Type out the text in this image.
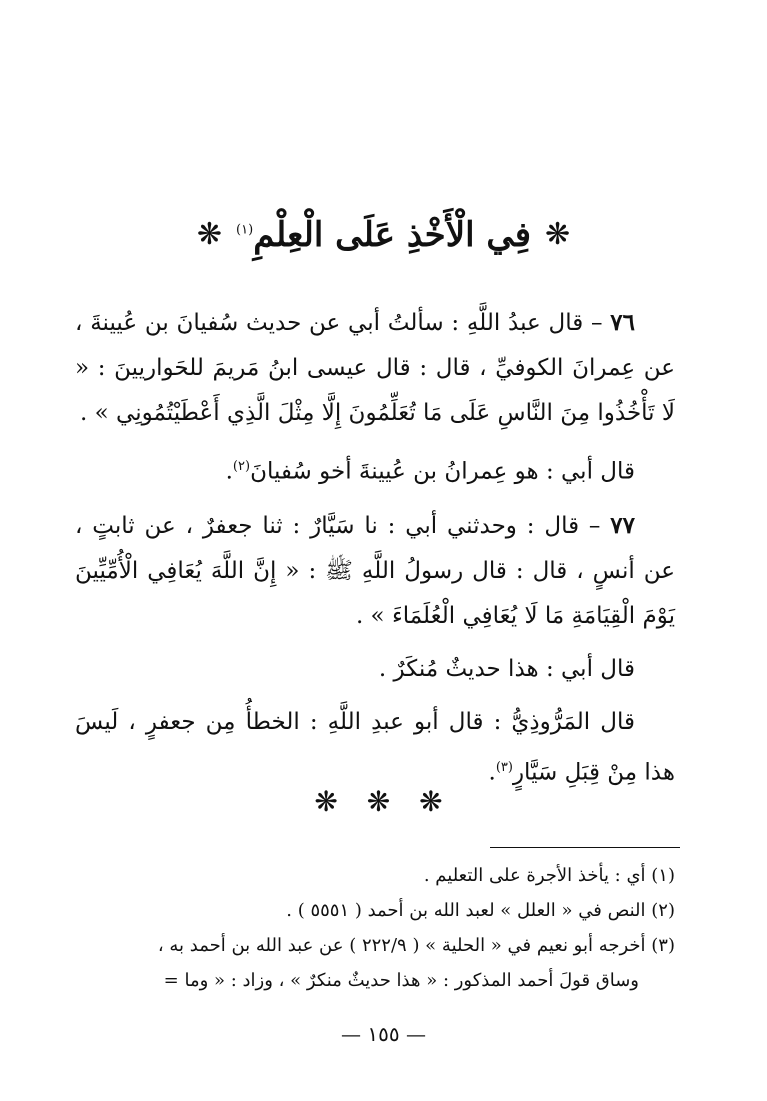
❋
فِي الْأَخْذِ عَلَى الْعِلْمِ$^{(١)}$
❋

٧٦ – قال عبدُ اللَّهِ : سألتُ أبي عن حديث سُفيانَ بن عُيينةَ ، عن عِمرانَ الكوفيِّ ، قال : قال عيسى ابنُ مَريمَ للحَواريينَ : « لَا تَأْخُذُوا مِنَ النَّاسِ عَلَى مَا تُعَلِّمُونَ إِلَّا مِثْلَ الَّذِي أَعْطَيْتُمُونِي » .

قال أبي : هو عِمرانُ بن عُيينةَ أخو سُفيانَ$^{(٢)}$.

٧٧ – قال : وحدثني أبي : نا سَيَّارٌ : ثنا جعفرٌ ، عن ثابتٍ ، عن أنسٍ ، قال : قال رسولُ اللَّهِ ﷺ : « إِنَّ اللَّهَ يُعَافِي الْأُمِّيِّينَ يَوْمَ الْقِيَامَةِ مَا لَا يُعَافِي الْعُلَمَاءَ » .

قال أبي : هذا حديثٌ مُنكَرٌ .

قال المَرُّوذِيُّ : قال أبو عبدِ اللَّهِ : الخطأُ مِن جعفرٍ ، لَيسَ هذا مِنْ قِبَلِ سَيَّارٍ$^{(٣)}$.

❋ ❋ ❋

(١) أي : يأخذ الأجرة على التعليم .

(٢) النص في « العلل » لعبد الله بن أحمد ( ٥٥٥١ ) .

(٣) أخرجه أبو نعيم في « الحلية » ( ٢٢٢/٩ ) عن عبد الله بن أحمد به ،

وساق قولَ أحمد المذكور : « هذا حديثٌ منكرٌ » ، وزاد : « وما =

— ١٥٥ —
